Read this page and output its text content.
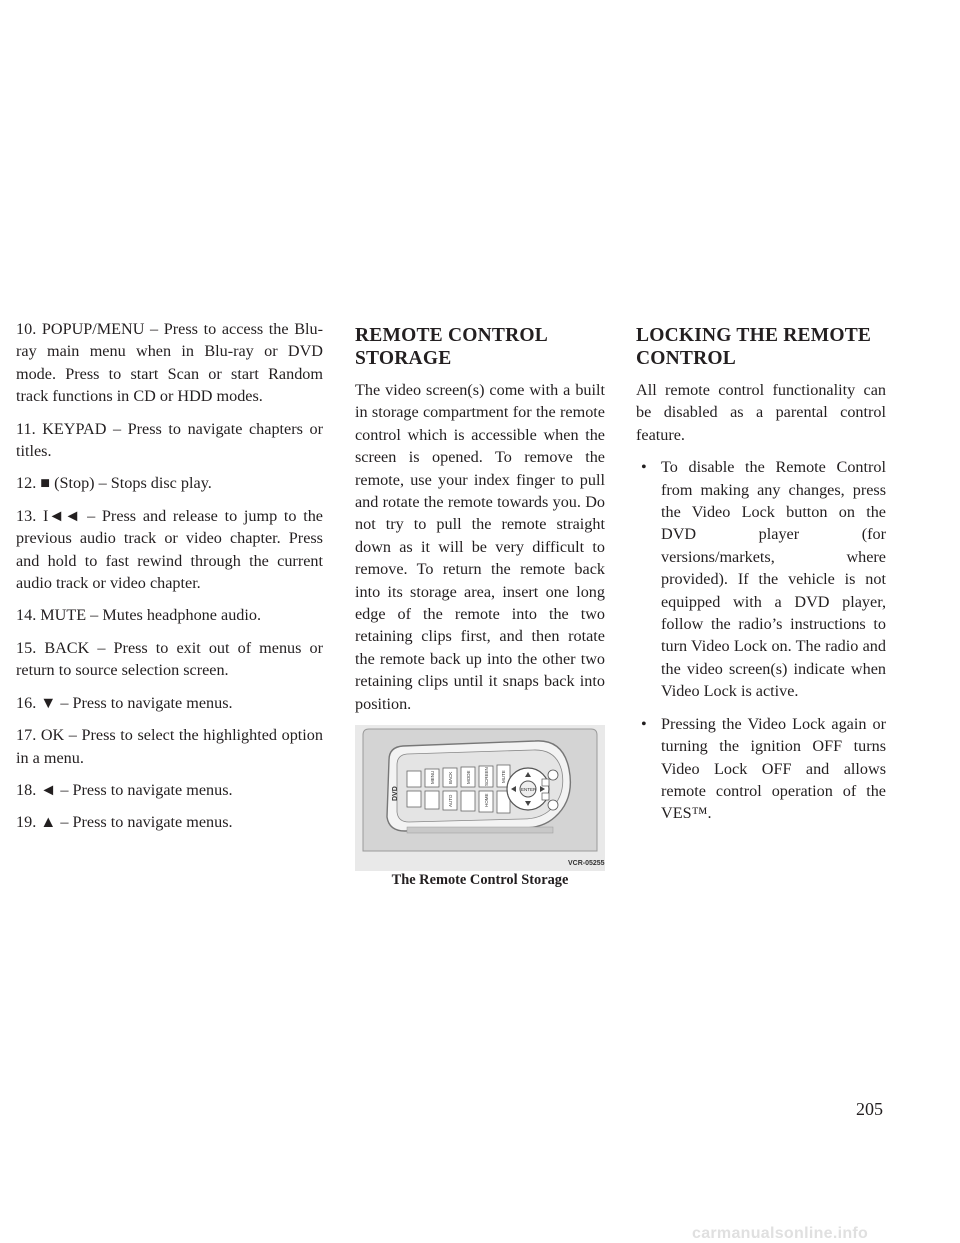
10. POPUP/MENU – Press to access the Blu-ray main menu when in Blu-ray or DVD mode. Press to start Scan or start Random track functions in CD or HDD modes.

11. KEYPAD – Press to navigate chapters or titles.

12. ■ (Stop) – Stops disc play.

13. I◄◄ – Press and release to jump to the previous audio track or video chapter. Press and hold to fast rewind through the current audio track or video chapter.

14. MUTE – Mutes headphone audio.

15. BACK – Press to exit out of menus or return to source selection screen.

16. ▼ – Press to navigate menus.

17. OK – Press to select the highlighted option in a menu.

18. ◄ – Press to navigate menus.

19. ▲ – Press to navigate menus.

REMOTE CONTROL STORAGE

The video screen(s) come with a built in storage compartment for the remote control which is accessible when the screen is opened. To remove the remote, use your index finger to pull and rotate the remote towards you. Do not try to pull the remote straight down as it will be very difficult to remove. To return the remote back into its storage area, insert one long edge of the remote into the two retaining clips first, and then rotate the remote back up into the other two retaining clips until it snaps back into position.

MENU	BACK	MODE
AUTO
SCREEN
HOME
MUTE
ENTER
DVD
VCR-05255
The Remote Control Storage
LOCKING THE REMOTE CONTROL

All remote control functionality can be disabled as a parental control feature.

• To disable the Remote Control from making any changes, press the Video Lock button on the DVD player (for versions/markets, where provided). If the vehicle is not equipped with a DVD player, follow the radio’s instructions to turn Video Lock on. The radio and the video screen(s) indicate when Video Lock is active.
• Pressing the Video Lock again or turning the ignition OFF turns Video Lock OFF and allows remote control operation of the VES™.
205
carmanualsonline.info
